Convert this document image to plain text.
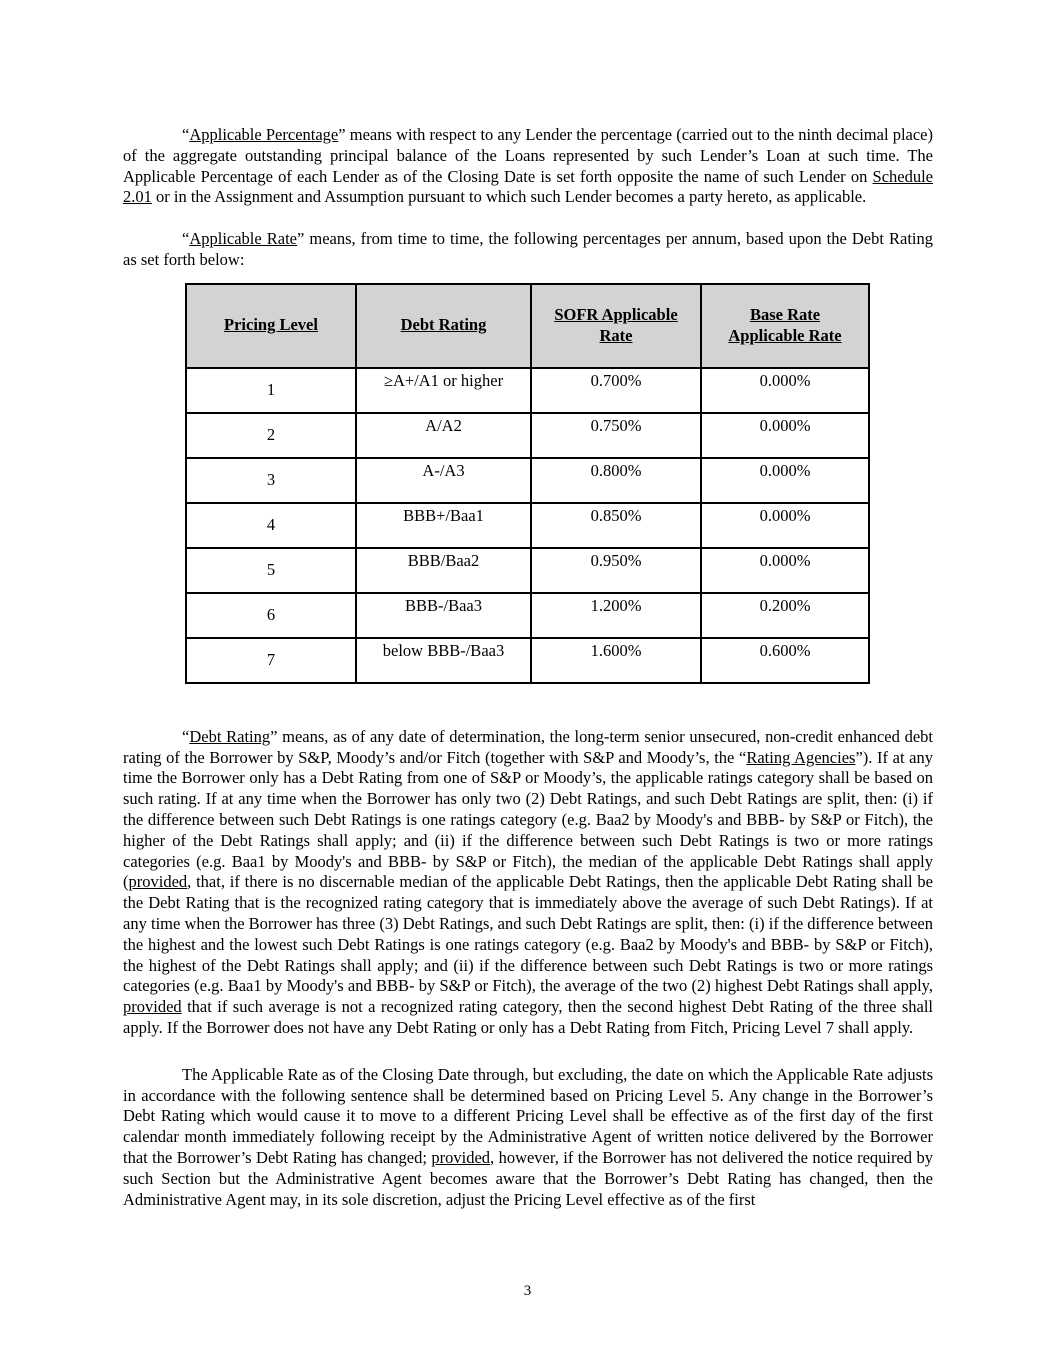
“Applicable Percentage” means with respect to any Lender the percentage (carried out to the ninth decimal place) of the aggregate outstanding principal balance of the Loans represented by such Lender’s Loan at such time. The Applicable Percentage of each Lender as of the Closing Date is set forth opposite the name of such Lender on Schedule 2.01 or in the Assignment and Assumption pursuant to which such Lender becomes a party hereto, as applicable.

“Applicable Rate” means, from time to time, the following percentages per annum, based upon the Debt Rating as set forth below:

Pricing Level	Debt Rating	SOFR Applicable Rate	Base Rate Applicable Rate
1	≥A+/A1 or higher	0.700%	0.000%
2	A/A2	0.750%	0.000%
3	A-/A3	0.800%	0.000%
4	BBB+/Baa1	0.850%	0.000%
5	BBB/Baa2	0.950%	0.000%
6	BBB-/Baa3	1.200%	0.200%
7	below BBB-/Baa3	1.600%	0.600%

“Debt Rating” means, as of any date of determination, the long-term senior unsecured, non-credit enhanced debt rating of the Borrower by S&P, Moody’s and/or Fitch (together with S&P and Moody’s, the “Rating Agencies”). If at any time the Borrower only has a Debt Rating from one of S&P or Moody’s, the applicable ratings category shall be based on such rating. If at any time when the Borrower has only two (2) Debt Ratings, and such Debt Ratings are split, then: (i) if the difference between such Debt Ratings is one ratings category (e.g. Baa2 by Moody's and BBB- by S&P or Fitch), the higher of the Debt Ratings shall apply; and (ii) if the difference between such Debt Ratings is two or more ratings categories (e.g. Baa1 by Moody's and BBB- by S&P or Fitch), the median of the applicable Debt Ratings shall apply (provided, that, if there is no discernable median of the applicable Debt Ratings, then the applicable Debt Rating shall be the Debt Rating that is the recognized rating category that is immediately above the average of such Debt Ratings). If at any time when the Borrower has three (3) Debt Ratings, and such Debt Ratings are split, then: (i) if the difference between the highest and the lowest such Debt Ratings is one ratings category (e.g. Baa2 by Moody's and BBB- by S&P or Fitch), the highest of the Debt Ratings shall apply; and (ii) if the difference between such Debt Ratings is two or more ratings categories (e.g. Baa1 by Moody's and BBB- by S&P or Fitch), the average of the two (2) highest Debt Ratings shall apply, provided that if such average is not a recognized rating category, then the second highest Debt Rating of the three shall apply. If the Borrower does not have any Debt Rating or only has a Debt Rating from Fitch, Pricing Level 7 shall apply.

The Applicable Rate as of the Closing Date through, but excluding, the date on which the Applicable Rate adjusts in accordance with the following sentence shall be determined based on Pricing Level 5. Any change in the Borrower’s Debt Rating which would cause it to move to a different Pricing Level shall be effective as of the first day of the first calendar month immediately following receipt by the Administrative Agent of written notice delivered by the Borrower that the Borrower’s Debt Rating has changed; provided, however, if the Borrower has not delivered the notice required by such Section but the Administrative Agent becomes aware that the Borrower’s Debt Rating has changed, then the Administrative Agent may, in its sole discretion, adjust the Pricing Level effective as of the first

3
